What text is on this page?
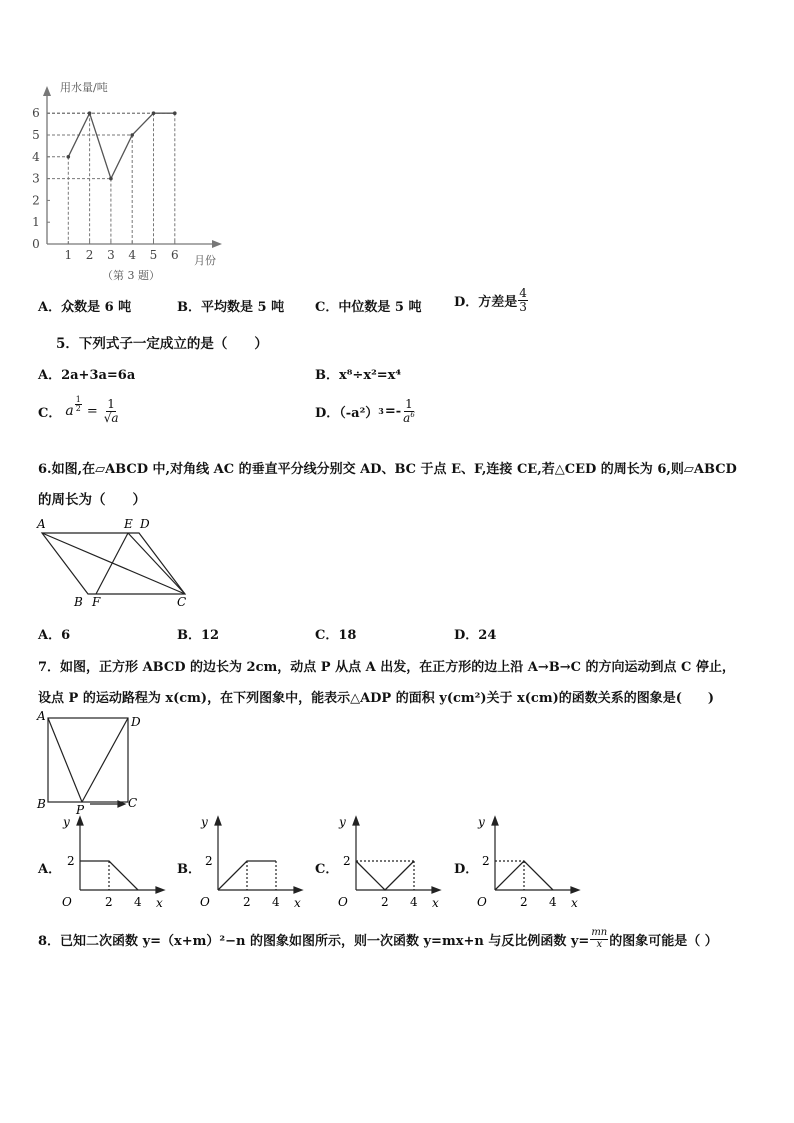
用水量/吨
0
1
2
3
4
5
6
1 2 3 4 5 6 月份
（第 3 题）
A．众数是 6 吨	B．平均数是 5 吨 C．中位数是 5 吨	D．方差是 $\frac{4}{3}$
5．下列式子一定成立的是（　　）
A．2a+3a=6a	B．x⁸÷x²=x⁴
C． a $\frac{1}{2} = \frac{1}{√a}$	D．（-a²） $3 =- \frac{1}{a^6}$
6.如图,在▱ABCD 中,对角线 AC 的垂直平分线分别交 AD、BC 于点 E、F,连接 CE,若△CED 的周长为 6,则▱ABCD
的周长为（　　）
A	E D
B F	C
A．6	B．12	C．18	D．24
7．如图，正方形 ABCD 的边长为 2cm，动点 P 从点 A 出发，在正方形的边上沿 A→B→C 的方向运动到点 C 停止，
设点 P 的运动路程为 x(cm)，在下列图象中，能表示△ADP 的面积 y(cm²)关于 x(cm)的函数关系的图象是(　　)
A	D
B	C
P
A．	B．	C．	D．
y
2
O	2 4 x
y
2
O	2 4 x
y
2
O	2 4 x
y
2
O	2 4 x
8．已知二次函数 y=（x+m）²−n 的图象如图所示，则一次函数 y=mx+n 与反比例函数 $y= \frac{mn}{x}$ 的图象可能是（ ）
